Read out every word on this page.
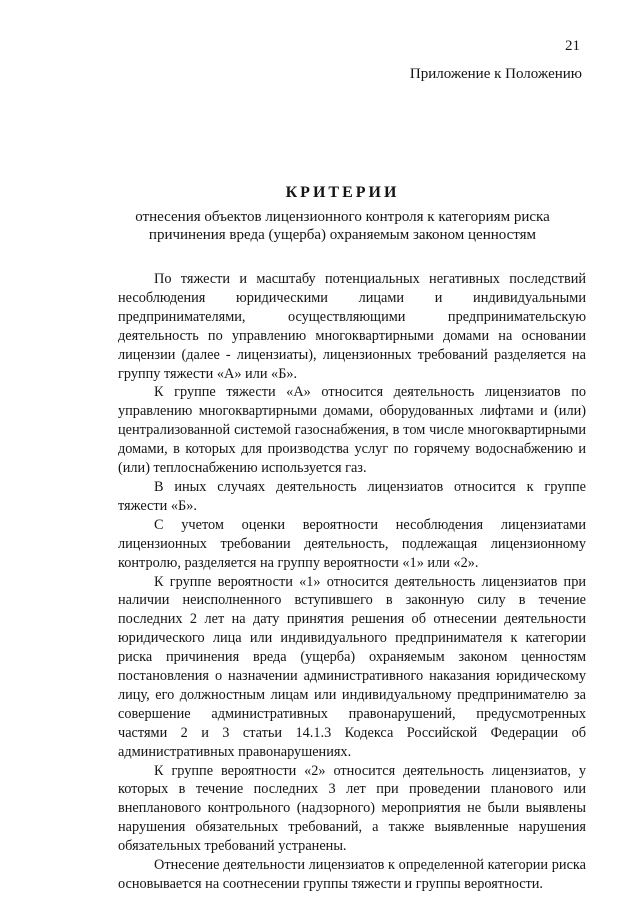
21
Приложение к Положению
КРИТЕРИИ
отнесения объектов лицензионного контроля к категориям риска
причинения вреда (ущерба) охраняемым законом ценностям

По тяжести и масштабу потенциальных негативных последствий несоблюдения юридическими лицами и индивидуальными предпринимателями, осуществляющими предпринимательскую деятельность по управлению многоквартирными домами на основании лицензии (далее - лицензиаты), лицензионных требований разделяется на группу тяжести «А» или «Б».

К группе тяжести «А» относится деятельность лицензиатов по управлению многоквартирными домами, оборудованных лифтами и (или) централизованной системой газоснабжения, в том числе многоквартирными домами, в которых для производства услуг по горячему водоснабжению и (или) теплоснабжению используется газ.

В иных случаях деятельность лицензиатов относится к группе тяжести «Б».

С учетом оценки вероятности несоблюдения лицензиатами лицензионных требовании деятельность, подлежащая лицензионному контролю, разделяется на группу вероятности «1» или «2».

К группе вероятности «1» относится деятельность лицензиатов при наличии неисполненного вступившего в законную силу в течение последних 2 лет на дату принятия решения об отнесении деятельности юридического лица или индивидуального предпринимателя к категории риска причинения вреда (ущерба) охраняемым законом ценностям постановления о назначении административного наказания юридическому лицу, его должностным лицам или индивидуальному предпринимателю за совершение административных правонарушений, предусмотренных частями 2 и 3 статьи 14.1.3 Кодекса Российской Федерации об административных правонарушениях.

К группе вероятности «2» относится деятельность лицензиатов, у которых в течение последних 3 лет при проведении планового или внепланового контрольного (надзорного) мероприятия не были выявлены нарушения обязательных требований, а также выявленные нарушения обязательных требований устранены.

Отнесение деятельности лицензиатов к определенной категории риска основывается на соотнесении группы тяжести и группы вероятности.
